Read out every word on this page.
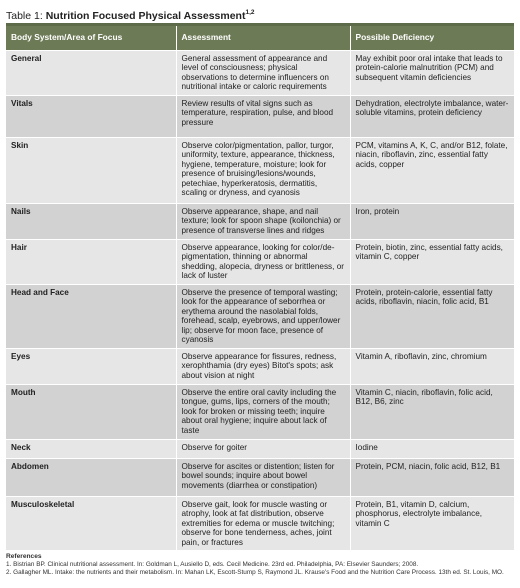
Table 1: Nutrition Focused Physical Assessment$^{1,2}$
Body System/Area of Focus	Assessment	Possible Deficiency
General	General assessment of appearance and level of consciousness; physical observations to determine influencers on nutritional intake or caloric requirements	May exhibit poor oral intake that leads to protein-calorie malnutrition (PCM) and subsequent vitamin deficiencies
Vitals	Review results of vital signs such as temperature, respiration, pulse, and blood pressure	Dehydration, electrolyte imbalance, water-soluble vitamins, protein deficiency
Skin	Observe color/pigmentation, pallor, turgor, uniformity, texture, appearance, thickness, hygiene, temperature, moisture; look for presence of bruising/lesions/wounds, petechiae, hyperkeratosis, dermatitis, scaling or dryness, and cyanosis	PCM, vitamins A, K, C, and/or B12, folate, niacin, riboflavin, zinc, essential fatty acids, copper
Nails	Observe appearance, shape, and nail texture; look for spoon shape (koilonchia) or presence of transverse lines and ridges	Iron, protein
Hair	Observe appearance, looking for color/de-pigmentation, thinning or abnormal shedding, alopecia, dryness or brittleness, or lack of luster	Protein, biotin, zinc, essential fatty acids, vitamin C, copper
Head and Face	Observe the presence of temporal wasting; look for the appearance of seborrhea or erythema around the nasolabial folds, forehead, scalp, eyebrows, and upper/lower lip; observe for moon face, presence of cyanosis	Protein, protein-calorie, essential fatty acids, riboflavin, niacin, folic acid, B1
Eyes	Observe appearance for fissures, redness, xerophthamia (dry eyes) Bitot's spots; ask about vision at night	Vitamin A, riboflavin, zinc, chromium
Mouth	Observe the entire oral cavity including the tongue, gums, lips, corners of the mouth; look for broken or missing teeth; inquire about oral hygiene; inquire about lack of taste	Vitamin C, niacin, riboflavin, folic acid, B12, B6, zinc
Neck	Observe for goiter	Iodine
Abdomen	Observe for ascites or distention; listen for bowel sounds; inquire about bowel movements (diarrhea or constipation)	Protein, PCM, niacin, folic acid, B12, B1
Musculoskeletal	Observe gait, look for muscle wasting or atrophy, look at fat distribution, observe extremities for edema or muscle twitching; observe for bone tenderness, aches, joint pain, or fractures	Protein, B1, vitamin D, calcium, phosphorus, electrolyte imbalance, vitamin C
References
1. Bistrian BP. Clinical nutritional assessment. In: Goldman L, Ausiello D, eds. Cecil Medicine. 23rd ed. Philadelphia, PA: Elsevier Saunders; 2008.
2. Gallagher ML. Intake: the nutrients and their metabolism. In: Mahan LK, Escott-Stump S, Raymond JL. Krause's Food and the Nutrition Care Process. 13th ed. St. Louis, MO.
